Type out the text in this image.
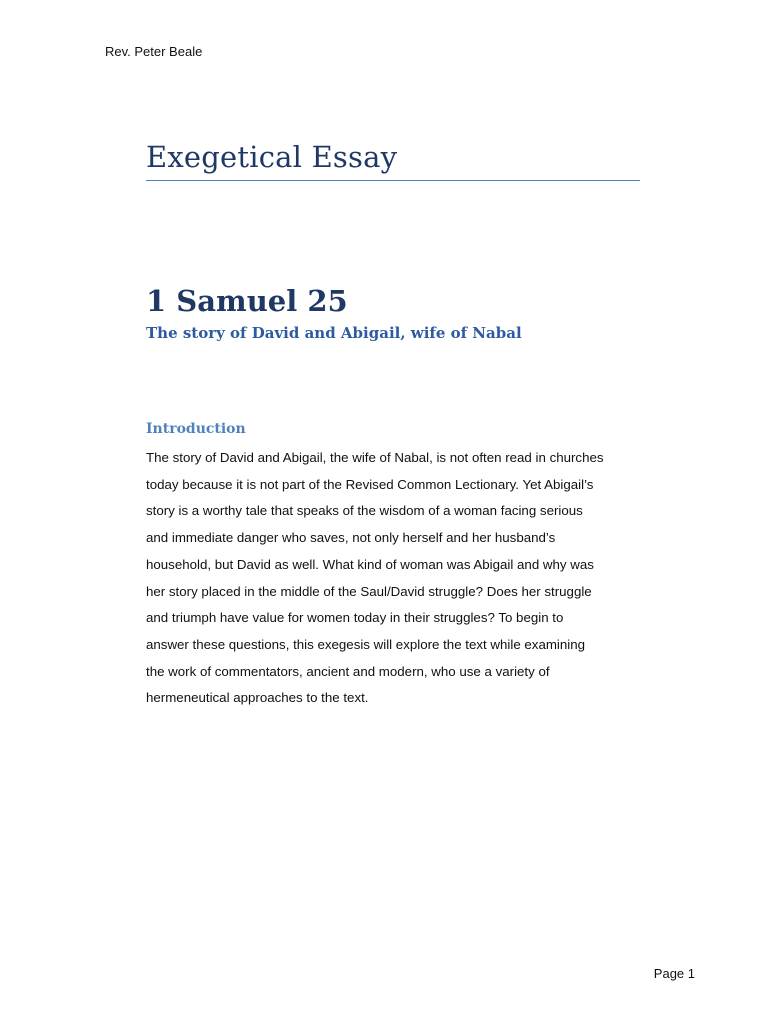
Rev. Peter Beale
Exegetical Essay
1 Samuel 25
The story of David and Abigail, wife of Nabal
Introduction
The story of David and Abigail, the wife of Nabal, is not often read in churches
today because it is not part of the Revised Common Lectionary. Yet Abigail’s
story is a worthy tale that speaks of the wisdom of a woman facing serious
and immediate danger who saves, not only herself and her husband’s
household, but David as well. What kind of woman was Abigail and why was
her story placed in the middle of the Saul/David struggle? Does her struggle
and triumph have value for women today in their struggles? To begin to
answer these questions, this exegesis will explore the text while examining
the work of commentators, ancient and modern, who use a variety of
hermeneutical approaches to the text.
Page 1
